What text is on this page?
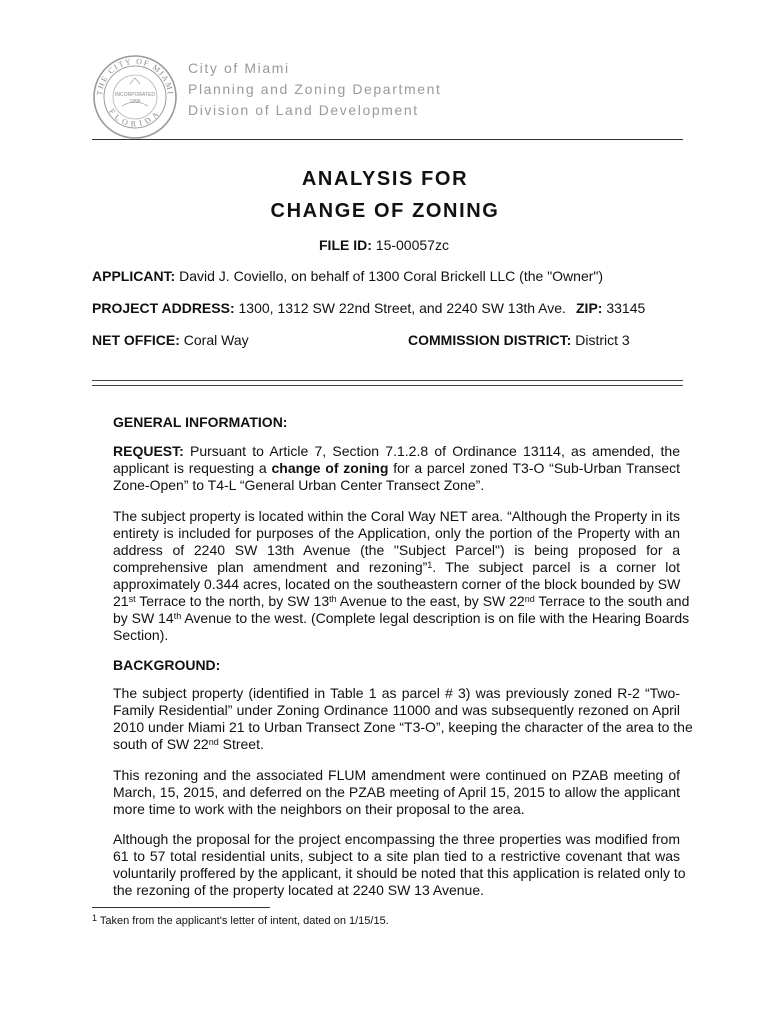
THE CITY OF MIAMI
FLORIDA
INCORPORATED
1896
City of Miami
Planning and Zoning Department
Division of Land Development
ANALYSIS FOR
CHANGE OF ZONING
FILE ID: 15-00057zc
APPLICANT: David J. Coviello, on behalf of 1300 Coral Brickell LLC (the "Owner")
PROJECT ADDRESS: 1300, 1312 SW 22nd Street, and 2240 SW 13th Ave. ZIP: 33145
NET OFFICE: Coral Way	COMMISSION DISTRICT: District 3
GENERAL INFORMATION:
REQUEST: Pursuant to Article 7, Section 7.1.2.8 of Ordinance 13114, as amended, the
applicant is requesting a change of zoning for a parcel zoned T3-O “Sub-Urban Transect
Zone-Open” to T4-L “General Urban Center Transect Zone”.
The subject property is located within the Coral Way NET area. “Although the Property in its
entirety is included for purposes of the Application, only the portion of the Property with an
address of 2240 SW 13th Avenue (the "Subject Parcel") is being proposed for a
comprehensive plan amendment and rezoning”$^1$. The subject parcel is a corner lot
approximately 0.344 acres, located on the southeastern corner of the block bounded by SW
21st Terrace to the north, by SW 13th Avenue to the east, by SW 22nd Terrace to the south and
by SW 14th Avenue to the west. (Complete legal description is on file with the Hearing Boards
Section).
BACKGROUND:
The subject property (identified in Table 1 as parcel # 3) was previously zoned R-2 “Two-
Family Residential” under Zoning Ordinance 11000 and was subsequently rezoned on April
2010 under Miami 21 to Urban Transect Zone “T3-O”, keeping the character of the area to the
south of SW 22nd Street.
This rezoning and the associated FLUM amendment were continued on PZAB meeting of
March, 15, 2015, and deferred on the PZAB meeting of April 15, 2015 to allow the applicant
more time to work with the neighbors on their proposal to the area.
Although the proposal for the project encompassing the three properties was modified from
61 to 57 total residential units, subject to a site plan tied to a restrictive covenant that was
voluntarily proffered by the applicant, it should be noted that this application is related only to
the rezoning of the property located at 2240 SW 13 Avenue.
$^1$ Taken from the applicant's letter of intent, dated on 1/15/15.
